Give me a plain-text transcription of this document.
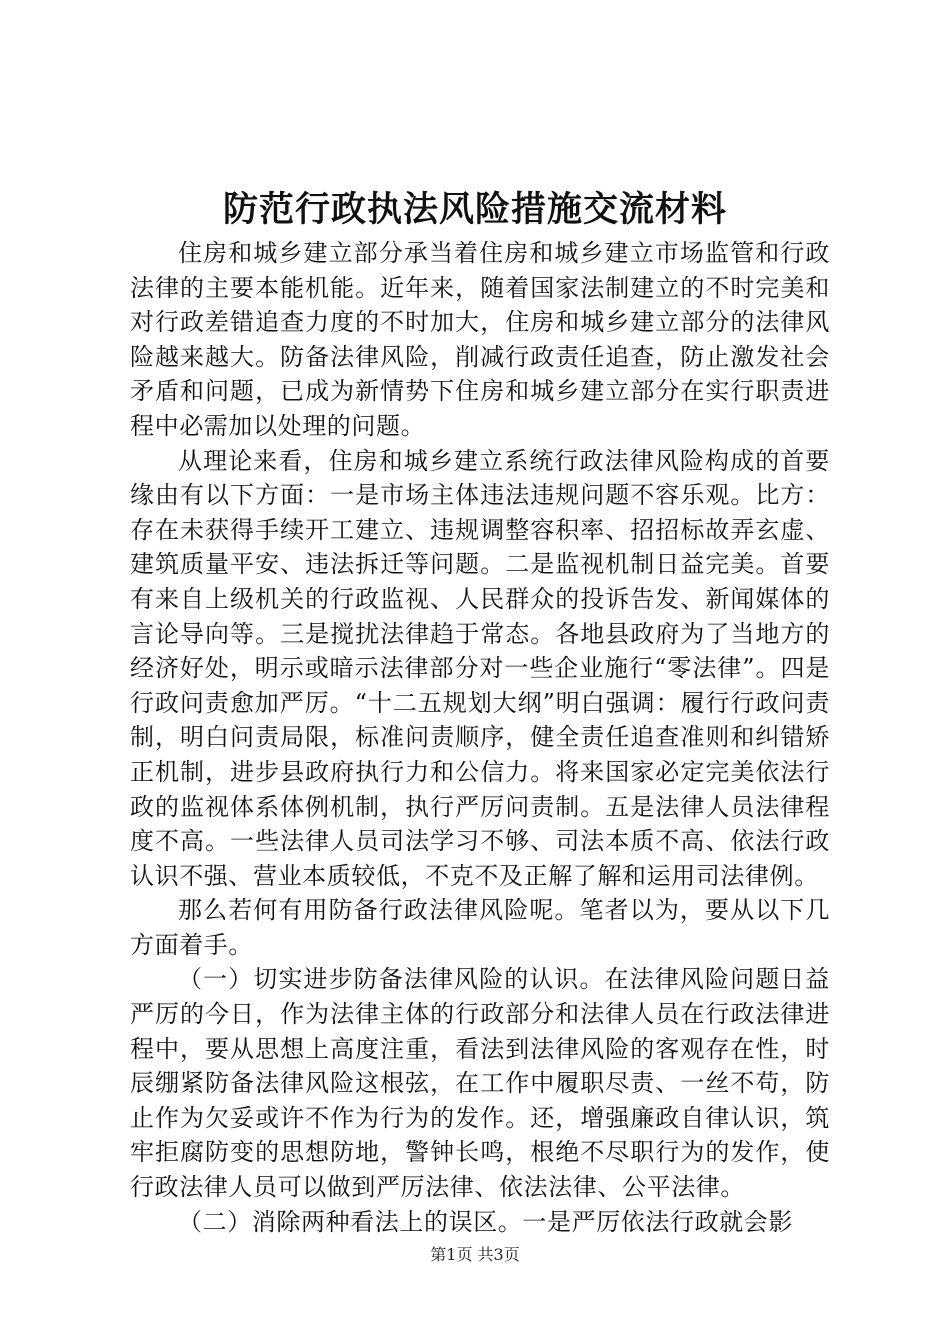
防范行政执法风险措施交流材料

住房和城乡建立部分承当着住房和城乡建立市场监管和行政法律的主要本能机能。近年来，随着国家法制建立的不时完美和对行政差错追查力度的不时加大，住房和城乡建立部分的法律风险越来越大。防备法律风险，削减行政责任追查，防止激发社会矛盾和问题，已成为新情势下住房和城乡建立部分在实行职责进程中必需加以处理的问题。

从理论来看，住房和城乡建立系统行政法律风险构成的首要缘由有以下方面：一是市场主体违法违规问题不容乐观。比方：存在未获得手续开工建立、违规调整容积率、招招标故弄玄虚、建筑质量平安、违法拆迁等问题。二是监视机制日益完美。首要有来自上级机关的行政监视、人民群众的投诉告发、新闻媒体的言论导向等。三是搅扰法律趋于常态。各地县政府为了当地方的经济好处，明示或暗示法律部分对一些企业施行“零法律”。四是行政问责愈加严厉。“十二五规划大纲”明白强调：履行行政问责制，明白问责局限，标准问责顺序，健全责任追查准则和纠错矫正机制，进步县政府执行力和公信力。将来国家必定完美依法行政的监视体系体例机制，执行严厉问责制。五是法律人员法律程度不高。一些法律人员司法学习不够、司法本质不高、依法行政认识不强、营业本质较低，不克不及正解了解和运用司法律例。

那么若何有用防备行政法律风险呢。笔者以为，要从以下几方面着手。

（一）切实进步防备法律风险的认识。在法律风险问题日益严厉的今日，作为法律主体的行政部分和法律人员在行政法律进程中，要从思想上高度注重，看法到法律风险的客观存在性，时辰绷紧防备法律风险这根弦，在工作中履职尽责、一丝不苟，防止作为欠妥或许不作为行为的发作。还，增强廉政自律认识，筑牢拒腐防变的思想防地，警钟长鸣，根绝不尽职行为的发作，使行政法律人员可以做到严厉法律、依法法律、公平法律。

（二）消除两种看法上的误区。一是严厉依法行政就会影

第1页 共3页
